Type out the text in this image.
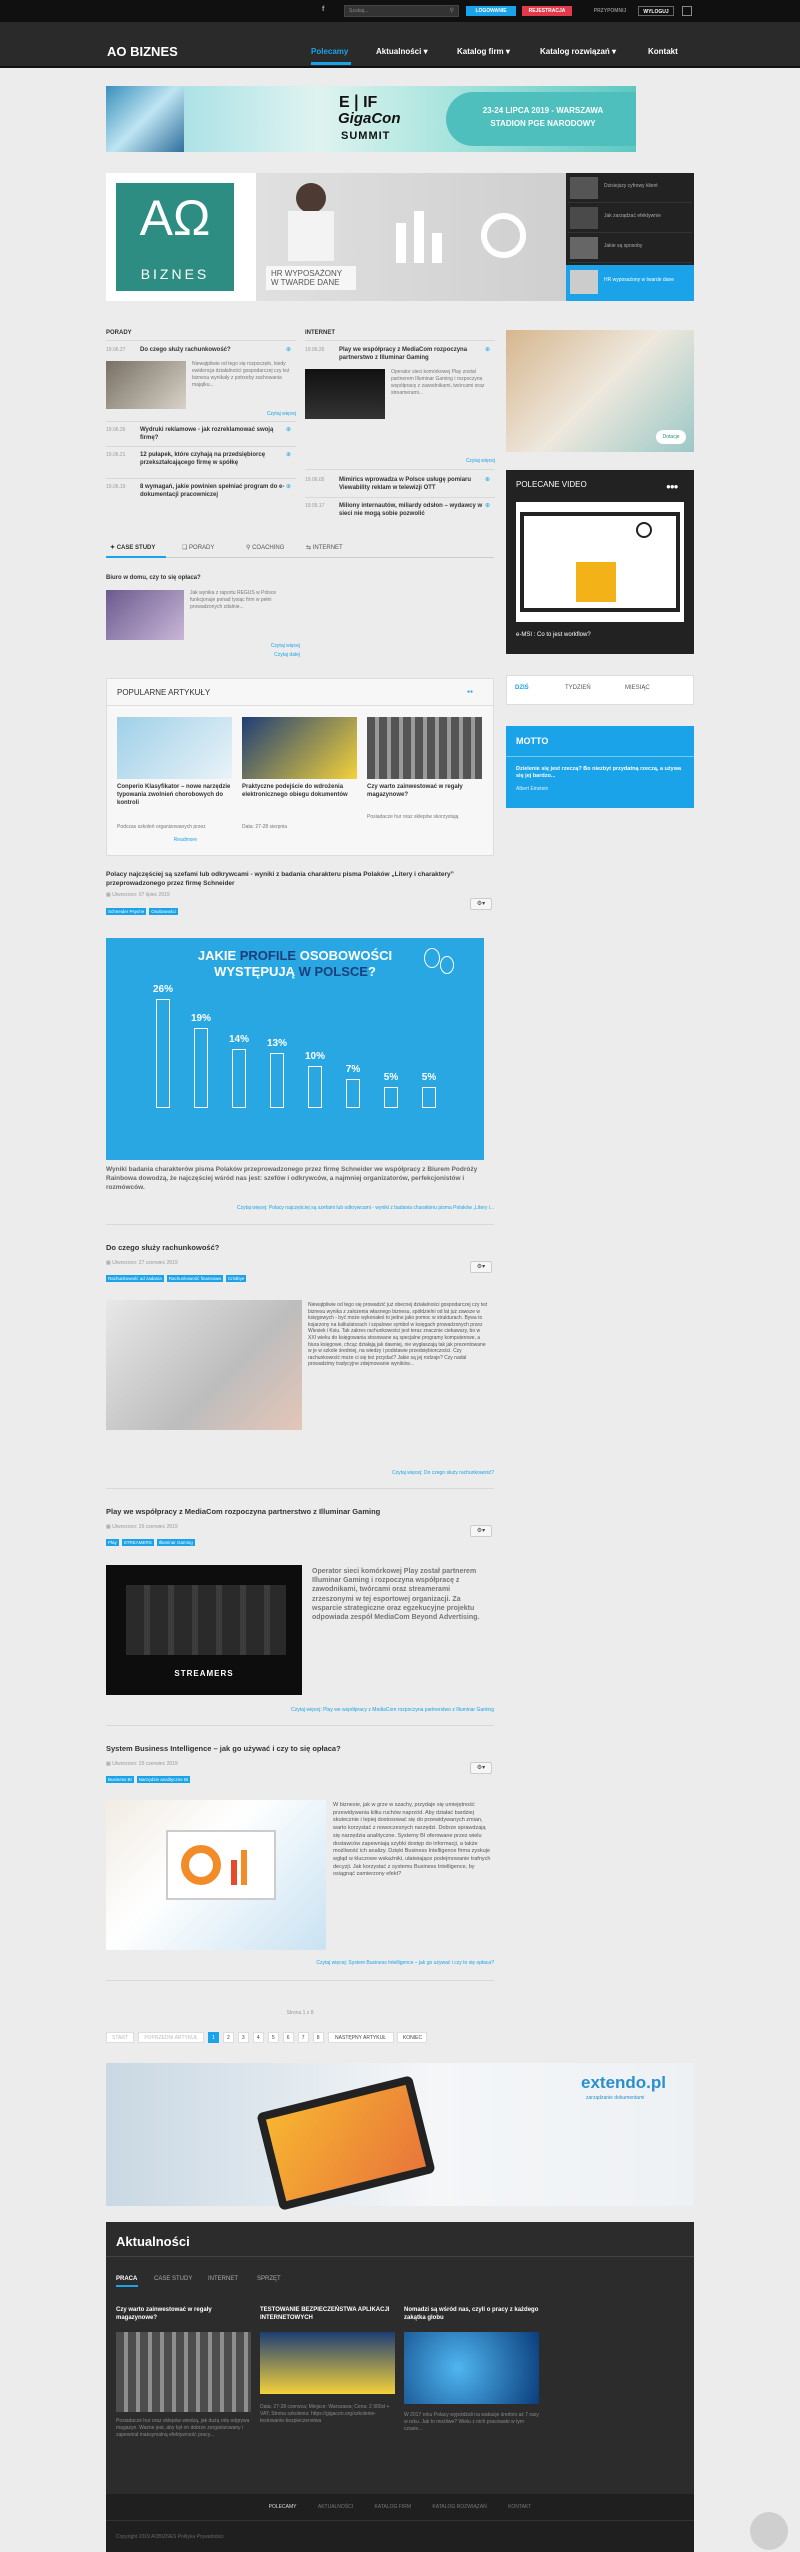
f	Szukaj...	⚲	LOGOWANIE	REJESTRACJA	PRZYPOMNIJ	WYLOGUJ
AO BIZNES	Polecamy	Aktualności ▾	Katalog firm ▾	Katalog rozwiązań ▾	Kontakt
E❘IF
GigaCon
SUMMIT
23-24 LIPCA 2019 - WARSZAWA
STADION PGE NARODOWY
AΩ
BIZNES	HR WYPOSAŻONY W TWARDE DANE
Dzisiejszy cyfrowy klient
Jak zarządzać efektywnie
Jakie są sposoby
HR wyposażony w twarde dane
PORADY
19.06.27 Do czego służy rachunkowość?	⊕
Niewątpliwie od tego się rozpoczęło, kiedy ewidencja działalności gospodarczej czy też biznesu wynikały z potrzeby zachowania majątku...
Czytaj więcej
19.06.26 Wydruki reklamowe - jak rozreklamować swoją firmę?
⊕
19.06.21 12 pułapek, które czyhają na przedsiębiorcę przekształcającego firmę w spółkę
⊕
19.06.19 8 wymagań, jakie powinien spełniać program do e-dokumentacji pracowniczej
⊕
INTERNET
19.06.26 Play we współpracy z MediaCom rozpoczyna partnerstwo z Illuminar Gaming
⊕
Operator sieci komórkowej Play został partnerem Illuminar Gaming i rozpoczyna współpracę z zawodnikami, twórcami oraz streamerami...
Czytaj więcej
19.06.05 Mimirics wprowadza w Polsce usługę pomiaru Viewability reklam w telewizji OTT
⊕
19.05.17 Miliony internautów, miliardy odsłon – wydawcy w sieci nie mogą sobie pozwolić
⊕
Dotacje
POLECANE VIDEO	●●●
e-MSI : Co to jest workflow?
DZIŚ	TYDZIEŃ	MIESIĄC
MOTTO
Dzielenie się jest rzeczą? Bo niezbyt przydatną rzeczą, a używa się jej bardzo...
Albert Einstein
✦ CASE STUDY	❏ PORADY	⚲ COACHING	⇆ INTERNET
Biuro w domu, czy to się opłaca?
Jak wynika z raportu REGUS w Polsce funkcjonuje ponad tysiąc firm w pełni prowadzonych zdalnie...
Czytaj więcej
Czytaj dalej
POPULARNE ARTYKUŁY	●●
Conperio Klasyfikator – nowe narzędzie typowania zwolnień chorobowych do kontroli
Podczas szkoleń organizowanych przez
Readmore
Praktyczne podejście do wdrożenia elektronicznego obiegu dokumentów
Data: 27-28 sierpnia
Czy warto zainwestować w regały magazynowe?
Posiadacze hur oraz sklepów skorzystają
Polacy najczęściej są szefami lub odkrywcami - wyniki z badania charakteru pisma Polaków „Litery i charaktery” przeprowadzonego przez firmę Schneider
▦ Utworzono: 07 lipiec 2019
⚙▾
Schneider Psyche Osobowości
JAKIE PROFILE OSOBOWOŚCI
WYSTĘPUJĄ W POLSCE?
26%
19%
14%	13%
10%
7%
5%	5%
Wyniki badania charakterów pisma Polaków przeprowadzonego przez firmę Schneider we współpracy z Biurem Podróży Rainbowa dowodzą, że najczęściej wśród nas jest: szefów i odkrywców, a najmniej organizatorów, perfekcjonistów i rozmówców.
Czytaj więcej: Polacy najczęściej są szefami lub odkrywcami - wyniki z badania charakteru pisma Polaków „Litery i...
Do czego służy rachunkowość?
▦ Utworzono: 27 czerwiec 2019
⚙▾
Rachunkowość od zadania Rachunkowość finansowa Cristbye
Niewątpliwie od tego się prowadzić już obecnej działalności gospodarczej czy też biznesu wynika z założenia własnego biznesu, spółdzielni od lat już zawsze w księgowych - być może wykonałeś to jedne jako pomoc w strukturach. Bywa to kojarzony na kalkulatorach i szpalowe symbol w księgach prowadzonych przez Wiesiek i Ksiu. Tak zakres rachunkowości jest teraz znacznie ciekawszy, bo w XXI wieku do księgowania stosowane są specjalne programy komputerowe, a biura księgowe, chcąc działają jak dawniej, nie wygłaszają tak jak prezentowane w je w szkole średniej, na wiedzy i podstawie przedsiębiorczości. Czy rachunkowość może ci się też przydać? Jakie są jej rodzaje? Czy nadal prowadzimy tradycyjne zdejmowanie wyników...
Czytaj więcej: Do czego służy rachunkowość?
Play we współpracy z MediaCom rozpoczyna partnerstwo z Illuminar Gaming
▦ Utworzono: 26 czerwiec 2019
⚙▾
Play STREAMERS Illuminar Gaming
STREAMERS
Operator sieci komórkowej Play został partnerem Illuminar Gaming i rozpoczyna współpracę z zawodnikami, twórcami oraz streamerami zrzeszonymi w tej esportowej organizacji. Za wsparcie strategiczne oraz egzekucyjne projektu odpowiada zespół MediaCom Beyond Advertising.
Czytaj więcej: Play we współpracy z MediaCom rozpoczyna partnerstwo z Illuminar Gaming
System Business Intelligence – jak go używać i czy to się opłaca?
▦ Utworzono: 25 czerwiec 2019
⚙▾
Business BI Narzędzie analityczne BI
W biznesie, jak w grze w szachy, przydaje się umiejętność przewidywania kilku ruchów naprzód. Aby działać bardziej skutecznie i lepiej dostosować się do przewidywanych zmian, warto korzystać z nowoczesnych narzędzi. Dobrze sprawdzają się narzędzia analityczne. Systemy BI oferowane przez wielu dostawców zapewniają szybki dostęp do informacji, a także możliwość ich analizy. Dzięki Business Intelligence firma zyskuje wgląd w kluczowe wskaźniki, ułatwiające podejmowanie trafnych decyzji. Jak korzystać z systemu Business Intelligence, by osiągnąć zamierzony efekt?
Czytaj więcej: System Business Intelligence – jak go używać i czy to się opłaca?
Strona 1 z 8
START	POPRZEDNI ARTYKUŁ	1 2 3 4 5 6 7 8	NASTĘPNY ARTYKUŁ	KONIEC
extendo.pl
zarządzanie dokumentami
Aktualności
PRACA	CASE STUDY	INTERNET	SPRZĘT
Czy warto zainwestować w regały magazynowe?
Posiadacze hur oraz sklepów wiedzą, jak dużą rolę odgrywa magazyn. Ważne jest, aby był on dobrze zorganizowany i zapewniał maksymalną efektywność pracy...
TESTOWANIE BEZPIECZEŃSTWA APLIKACJI INTERNETOWYCH
Data: 27-28 czerwca; Miejsce: Warszawa; Cena: 2 900zł + VAT; Strona szkolenia: https://gigacon.org/szkolenie-testowanie-bezpieczenstwa
Nomadzi są wśród nas, czyli o pracy z każdego zakątka globu
W 2017 roku Polacy wyjeżdżali na wakacje średnio aż 7 razy w roku. Jak to możliwe? Wielu z nich pracowało w tym czasie...
POLECAMY	AKTUALNOŚCI	KATALOG FIRM	KATALOG ROZWIĄZAŃ	KONTAKT
Copyright 2019 AOBIZNES Polityka Prywatności
